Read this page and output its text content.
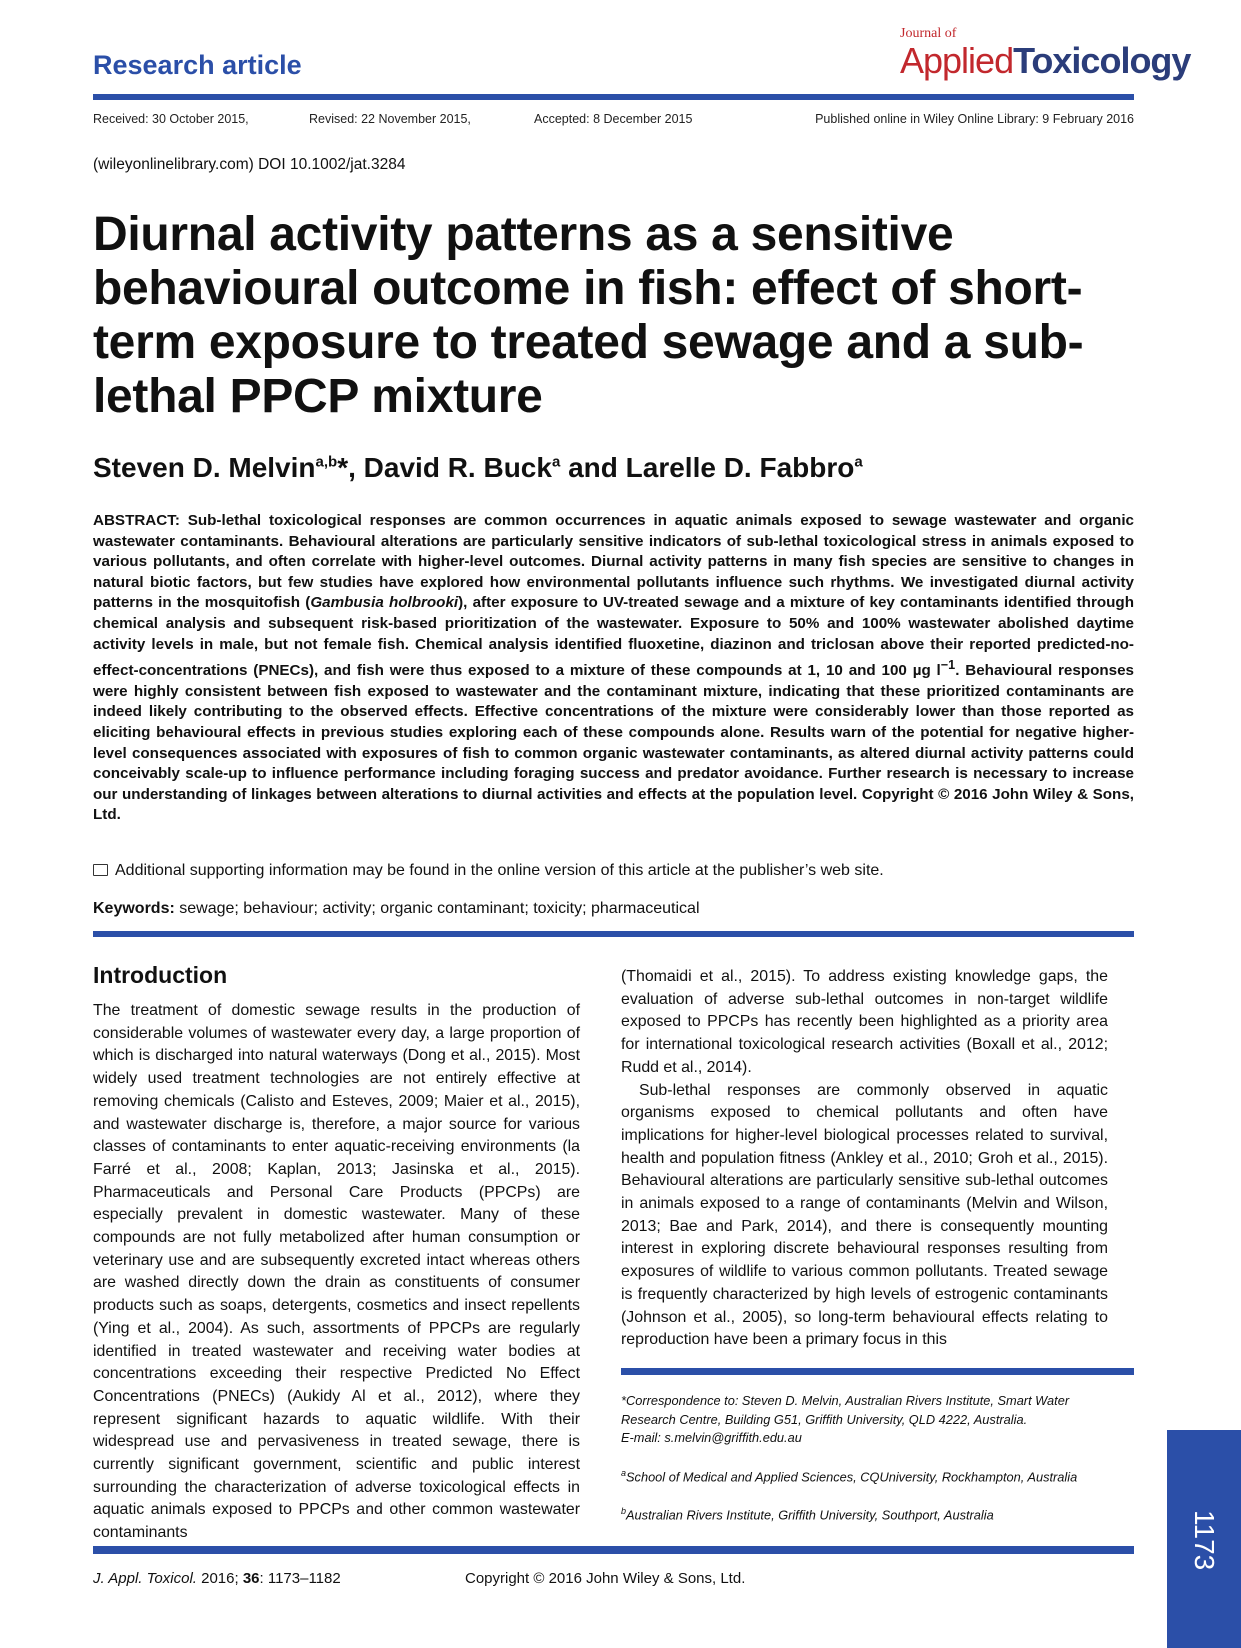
Research article
Journal of
AppliedToxicology
Received: 30 October 2015,	Revised: 22 November 2015,	Accepted: 8 December 2015	Published online in Wiley Online Library: 9 February 2016
(wileyonlinelibrary.com) DOI 10.1002/jat.3284
Diurnal activity patterns as a sensitive behavioural outcome in fish: effect of short-term exposure to treated sewage and a sub-lethal PPCP mixture
Steven D. Melvin$^{a,b}$*, David R. Buck$^a$ and Larelle D. Fabbro$^a$

ABSTRACT: Sub-lethal toxicological responses are common occurrences in aquatic animals exposed to sewage wastewater and organic wastewater contaminants. Behavioural alterations are particularly sensitive indicators of sub-lethal toxicological stress in animals exposed to various pollutants, and often correlate with higher-level outcomes. Diurnal activity patterns in many fish species are sensitive to changes in natural biotic factors, but few studies have explored how environmental pollutants influence such rhythms. We investigated diurnal activity patterns in the mosquitofish (Gambusia holbrooki), after exposure to UV-treated sewage and a mixture of key contaminants identified through chemical analysis and subsequent risk-based prioritization of the wastewater. Exposure to 50% and 100% wastewater abolished daytime activity levels in male, but not female fish. Chemical analysis identified fluoxetine, diazinon and triclosan above their reported predicted-no-effect-concentrations (PNECs), and fish were thus exposed to a mixture of these compounds at 1, 10 and 100 µg $l^{-1}$. Behavioural responses were highly consistent between fish exposed to wastewater and the contaminant mixture, indicating that these prioritized contaminants are indeed likely contributing to the observed effects. Effective concentrations of the mixture were considerably lower than those reported as eliciting behavioural effects in previous studies exploring each of these compounds alone. Results warn of the potential for negative higher-level consequences associated with exposures of fish to common organic wastewater contaminants, as altered diurnal activity patterns could conceivably scale-up to influence performance including foraging success and predator avoidance. Further research is necessary to increase our understanding of linkages between alterations to diurnal activities and effects at the population level. Copyright © 2016 John Wiley & Sons, Ltd.

Additional supporting information may be found in the online version of this article at the publisher’s web site.
Keywords: sewage; behaviour; activity; organic contaminant; toxicity; pharmaceutical
Introduction

The treatment of domestic sewage results in the production of considerable volumes of wastewater every day, a large proportion of which is discharged into natural waterways (Dong et al., 2015). Most widely used treatment technologies are not entirely effective at removing chemicals (Calisto and Esteves, 2009; Maier et al., 2015), and wastewater discharge is, therefore, a major source for various classes of contaminants to enter aquatic-receiving environments (la Farré et al., 2008; Kaplan, 2013; Jasinska et al., 2015). Pharmaceuticals and Personal Care Products (PPCPs) are especially prevalent in domestic wastewater. Many of these compounds are not fully metabolized after human consumption or veterinary use and are subsequently excreted intact whereas others are washed directly down the drain as constituents of consumer products such as soaps, detergents, cosmetics and insect repellents (Ying et al., 2004). As such, assortments of PPCPs are regularly identified in treated wastewater and receiving water bodies at concentrations exceeding their respective Predicted No Effect Concentrations (PNECs) (Aukidy Al et al., 2012), where they represent significant hazards to aquatic wildlife. With their widespread use and pervasiveness in treated sewage, there is currently significant government, scientific and public interest surrounding the characterization of adverse toxicological effects in aquatic animals exposed to PPCPs and other common wastewater contaminants

(Thomaidi et al., 2015). To address existing knowledge gaps, the evaluation of adverse sub-lethal outcomes in non-target wildlife exposed to PPCPs has recently been highlighted as a priority area for international toxicological research activities (Boxall et al., 2012; Rudd et al., 2014).

Sub-lethal responses are commonly observed in aquatic organisms exposed to chemical pollutants and often have implications for higher-level biological processes related to survival, health and population fitness (Ankley et al., 2010; Groh et al., 2015). Behavioural alterations are particularly sensitive sub-lethal outcomes in animals exposed to a range of contaminants (Melvin and Wilson, 2013; Bae and Park, 2014), and there is consequently mounting interest in exploring discrete behavioural responses resulting from exposures of wildlife to various common pollutants. Treated sewage is frequently characterized by high levels of estrogenic contaminants (Johnson et al., 2005), so long-term behavioural effects relating to reproduction have been a primary focus in this

*Correspondence to: Steven D. Melvin, Australian Rivers Institute, Smart Water Research Centre, Building G51, Griffith University, QLD 4222, Australia.

E-mail: s.melvin@griffith.edu.au

$^a$School of Medical and Applied Sciences, CQUniversity, Rockhampton, Australia

$^b$Australian Rivers Institute, Griffith University, Southport, Australia

J. Appl. Toxicol. 2016; 36: 1173–1182	Copyright © 2016 John Wiley & Sons, Ltd.
1173
